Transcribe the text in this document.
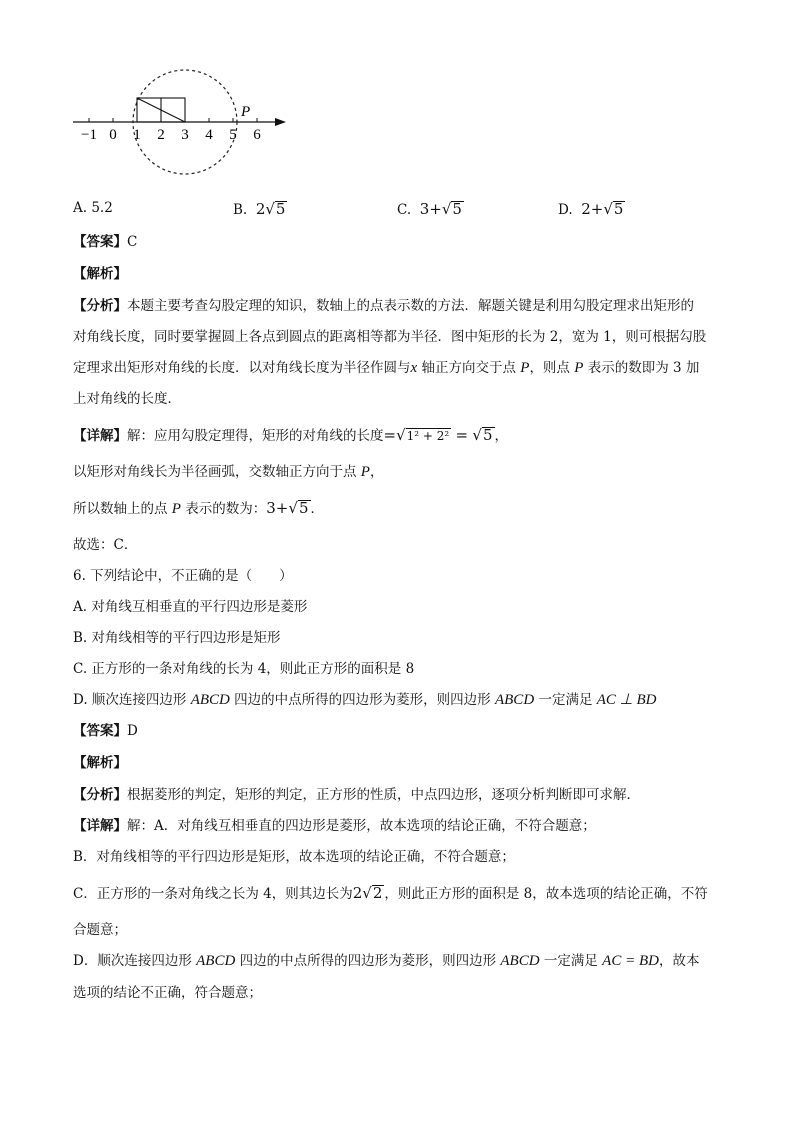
−1 0 1 2 3 4 5 6
P
A. 5.2	B. 2√5	C. 3+√5	D. 2+√5
【答案】C
【解析】
【分析】本题主要考查勾股定理的知识，数轴上的点表示数的方法．解题关键是利用勾股定理求出矩形的
对角线长度，同时要掌握圆上各点到圆点的距离相等都为半径．图中矩形的长为 2，宽为 1，则可根据勾股
定理求出矩形对角线的长度．以对角线长度为半径作圆与x 轴正方向交于点 P，则点 P 表示的数即为 3 加
上对角线的长度．
【详解】解：应用勾股定理得，矩形的对角线的长度=√1² + 2² = √5 ，
以矩形对角线长为半径画弧，交数轴正方向于点 P，
所以数轴上的点 P 表示的数为：3+√5 ．
故选：C．
6. 下列结论中，不正确的是（　　）
A. 对角线互相垂直的平行四边形是菱形
B. 对角线相等的平行四边形是矩形
C. 正方形的一条对角线的长为 4，则此正方形的面积是 8
D. 顺次连接四边形 ABCD 四边的中点所得的四边形为菱形，则四边形 ABCD 一定满足 AC ⊥ BD
【答案】D
【解析】
【分析】根据菱形的判定，矩形的判定，正方形的性质，中点四边形，逐项分析判断即可求解．
【详解】解：A．对角线互相垂直的四边形是菱形，故本选项的结论正确，不符合题意；
B．对角线相等的平行四边形是矩形，故本选项的结论正确，不符合题意；
C．正方形的一条对角线之长为 4，则其边长为2√2 ，则此正方形的面积是 8，故本选项的结论正确，不符
合题意；
D．顺次连接四边形 ABCD 四边的中点所得的四边形为菱形，则四边形 ABCD 一定满足 AC = BD，故本
选项的结论不正确，符合题意；
